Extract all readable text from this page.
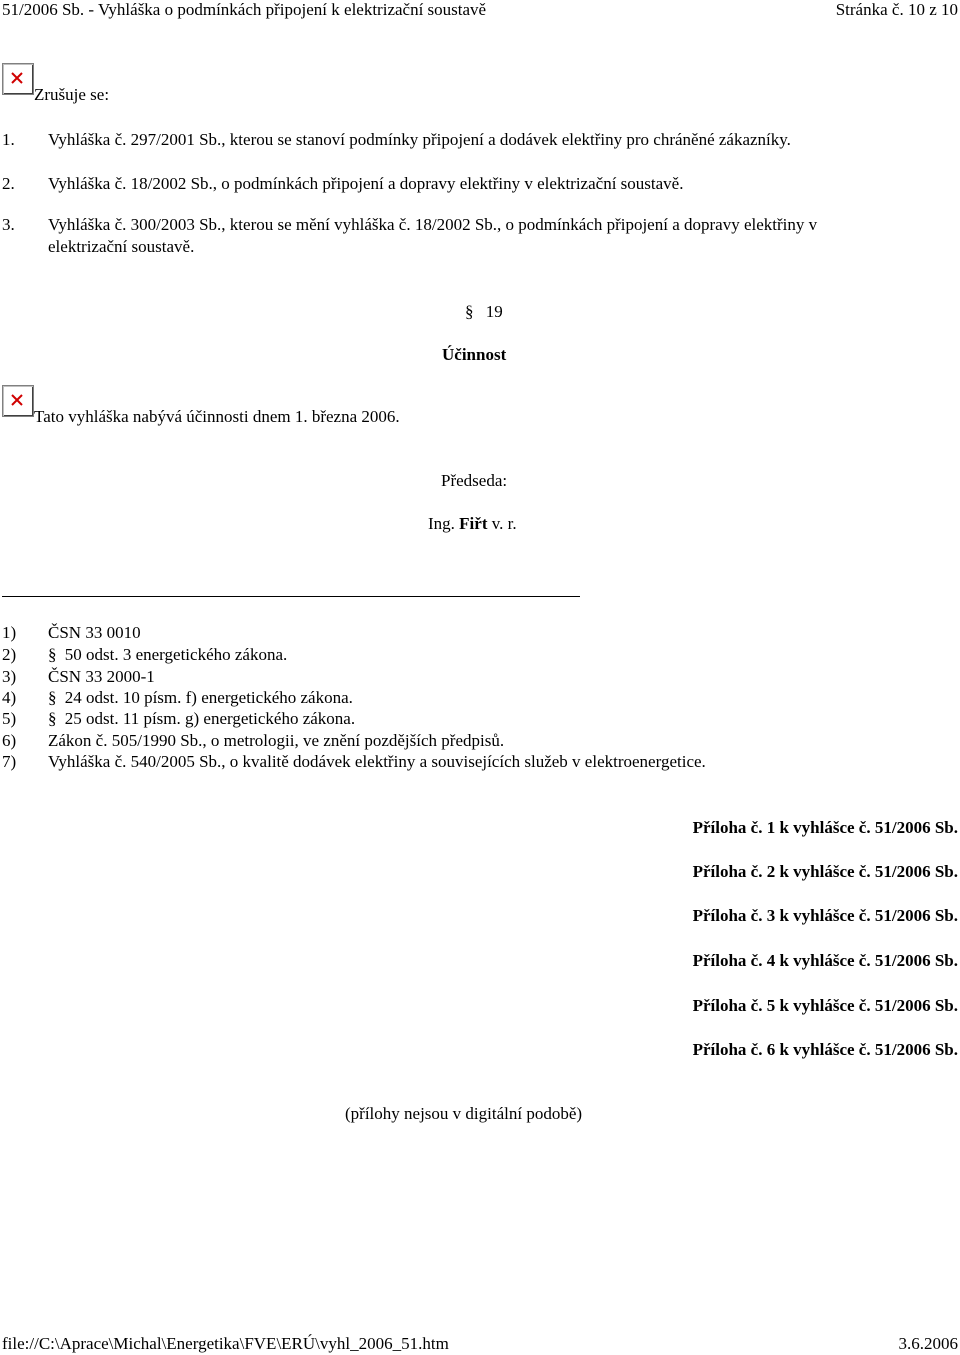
51/2006 Sb. - Vyhláška o podmínkách připojení k elektrizační soustavě	Stránka č. 10 z 10
Zrušuje se:
1. Vyhláška č. 297/2001 Sb., kterou se stanoví podmínky připojení a dodávek elektřiny pro chráněné zákazníky.
2. Vyhláška č. 18/2002 Sb., o podmínkách připojení a dopravy elektřiny v elektrizační soustavě.
3. Vyhláška č. 300/2003 Sb., kterou se mění vyhláška č. 18/2002 Sb., o podmínkách připojení a dopravy elektřiny v
elektrizační soustavě.
§ 19
Účinnost
Tato vyhláška nabývá účinnosti dnem 1. března 2006.
Předseda:
Ing. Fiřt v. r.
1) ČSN 33 0010
2) § 50 odst. 3 energetického zákona.
3) ČSN 33 2000-1
4) § 24 odst. 10 písm. f) energetického zákona.
5) § 25 odst. 11 písm. g) energetického zákona.
6) Zákon č. 505/1990 Sb., o metrologii, ve znění pozdějších předpisů.
7) Vyhláška č. 540/2005 Sb., o kvalitě dodávek elektřiny a souvisejících služeb v elektroenergetice.
Příloha č. 1 k vyhlášce č. 51/2006 Sb.
Příloha č. 2 k vyhlášce č. 51/2006 Sb.
Příloha č. 3 k vyhlášce č. 51/2006 Sb.
Příloha č. 4 k vyhlášce č. 51/2006 Sb.
Příloha č. 5 k vyhlášce č. 51/2006 Sb.
Příloha č. 6 k vyhlášce č. 51/2006 Sb.
(přílohy nejsou v digitální podobě)
file://C:\Aprace\Michal\Energetika\FVE\ERÚ\vyhl_2006_51.htm	3.6.2006
